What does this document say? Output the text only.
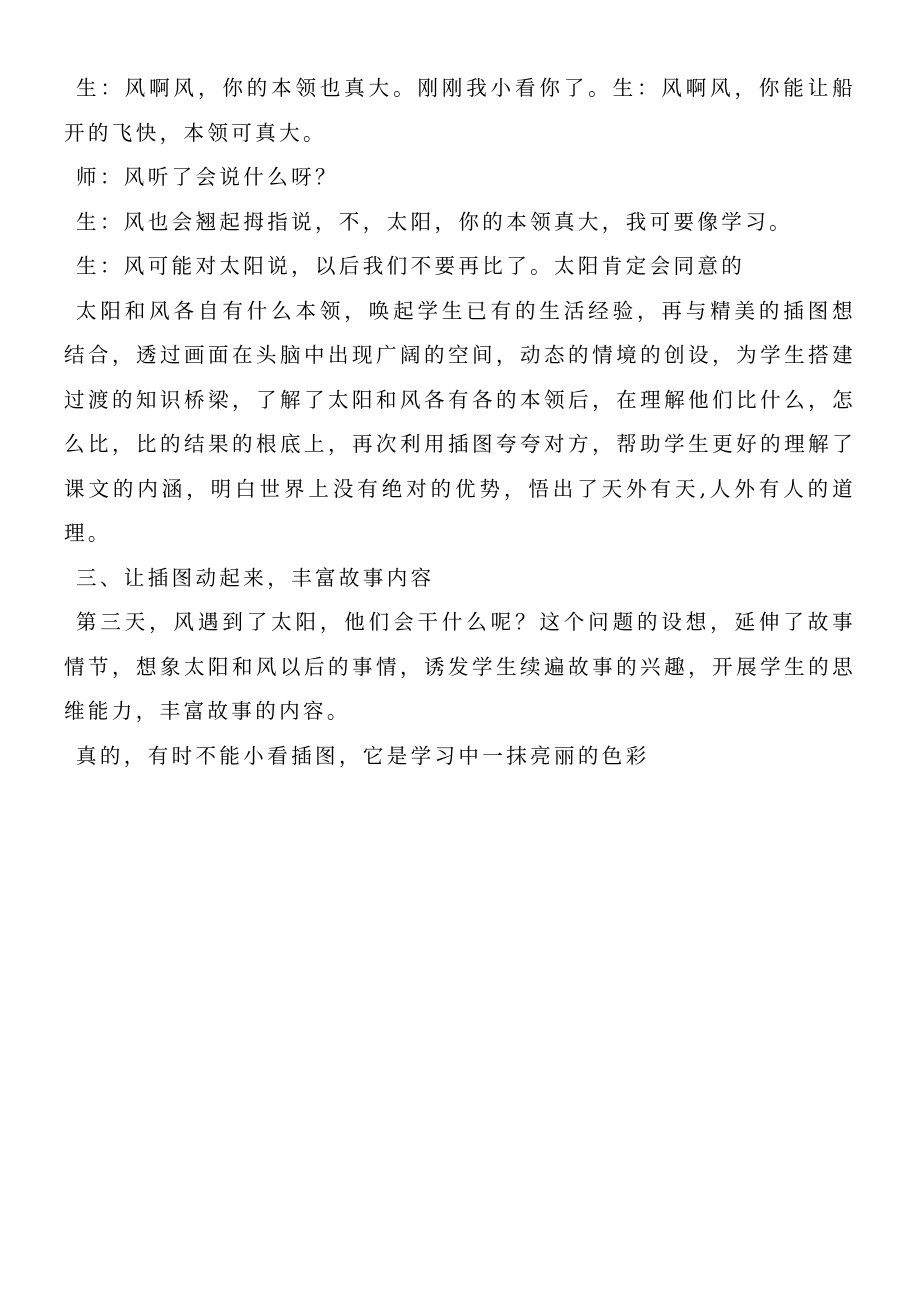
生：风啊风，你的本领也真大。刚刚我小看你了。生：风啊风，你能让船开的飞快，本领可真大。

师：风听了会说什么呀？

生：风也会翘起拇指说，不，太阳，你的本领真大，我可要像学习。

生：风可能对太阳说，以后我们不要再比了。太阳肯定会同意的

太阳和风各自有什么本领，唤起学生已有的生活经验，再与精美的插图想结合，透过画面在头脑中出现广阔的空间，动态的情境的创设，为学生搭建过渡的知识桥梁，了解了太阳和风各有各的本领后，在理解他们比什么，怎么比，比的结果的根底上，再次利用插图夸夸对方，帮助学生更好的理解了课文的内涵，明白世界上没有绝对的优势，悟出了天外有天,人外有人的道理。

三、让插图动起来，丰富故事内容

第三天，风遇到了太阳，他们会干什么呢？这个问题的设想，延伸了故事情节，想象太阳和风以后的事情，诱发学生续遍故事的兴趣，开展学生的思维能力，丰富故事的内容。

真的，有时不能小看插图，它是学习中一抹亮丽的色彩
